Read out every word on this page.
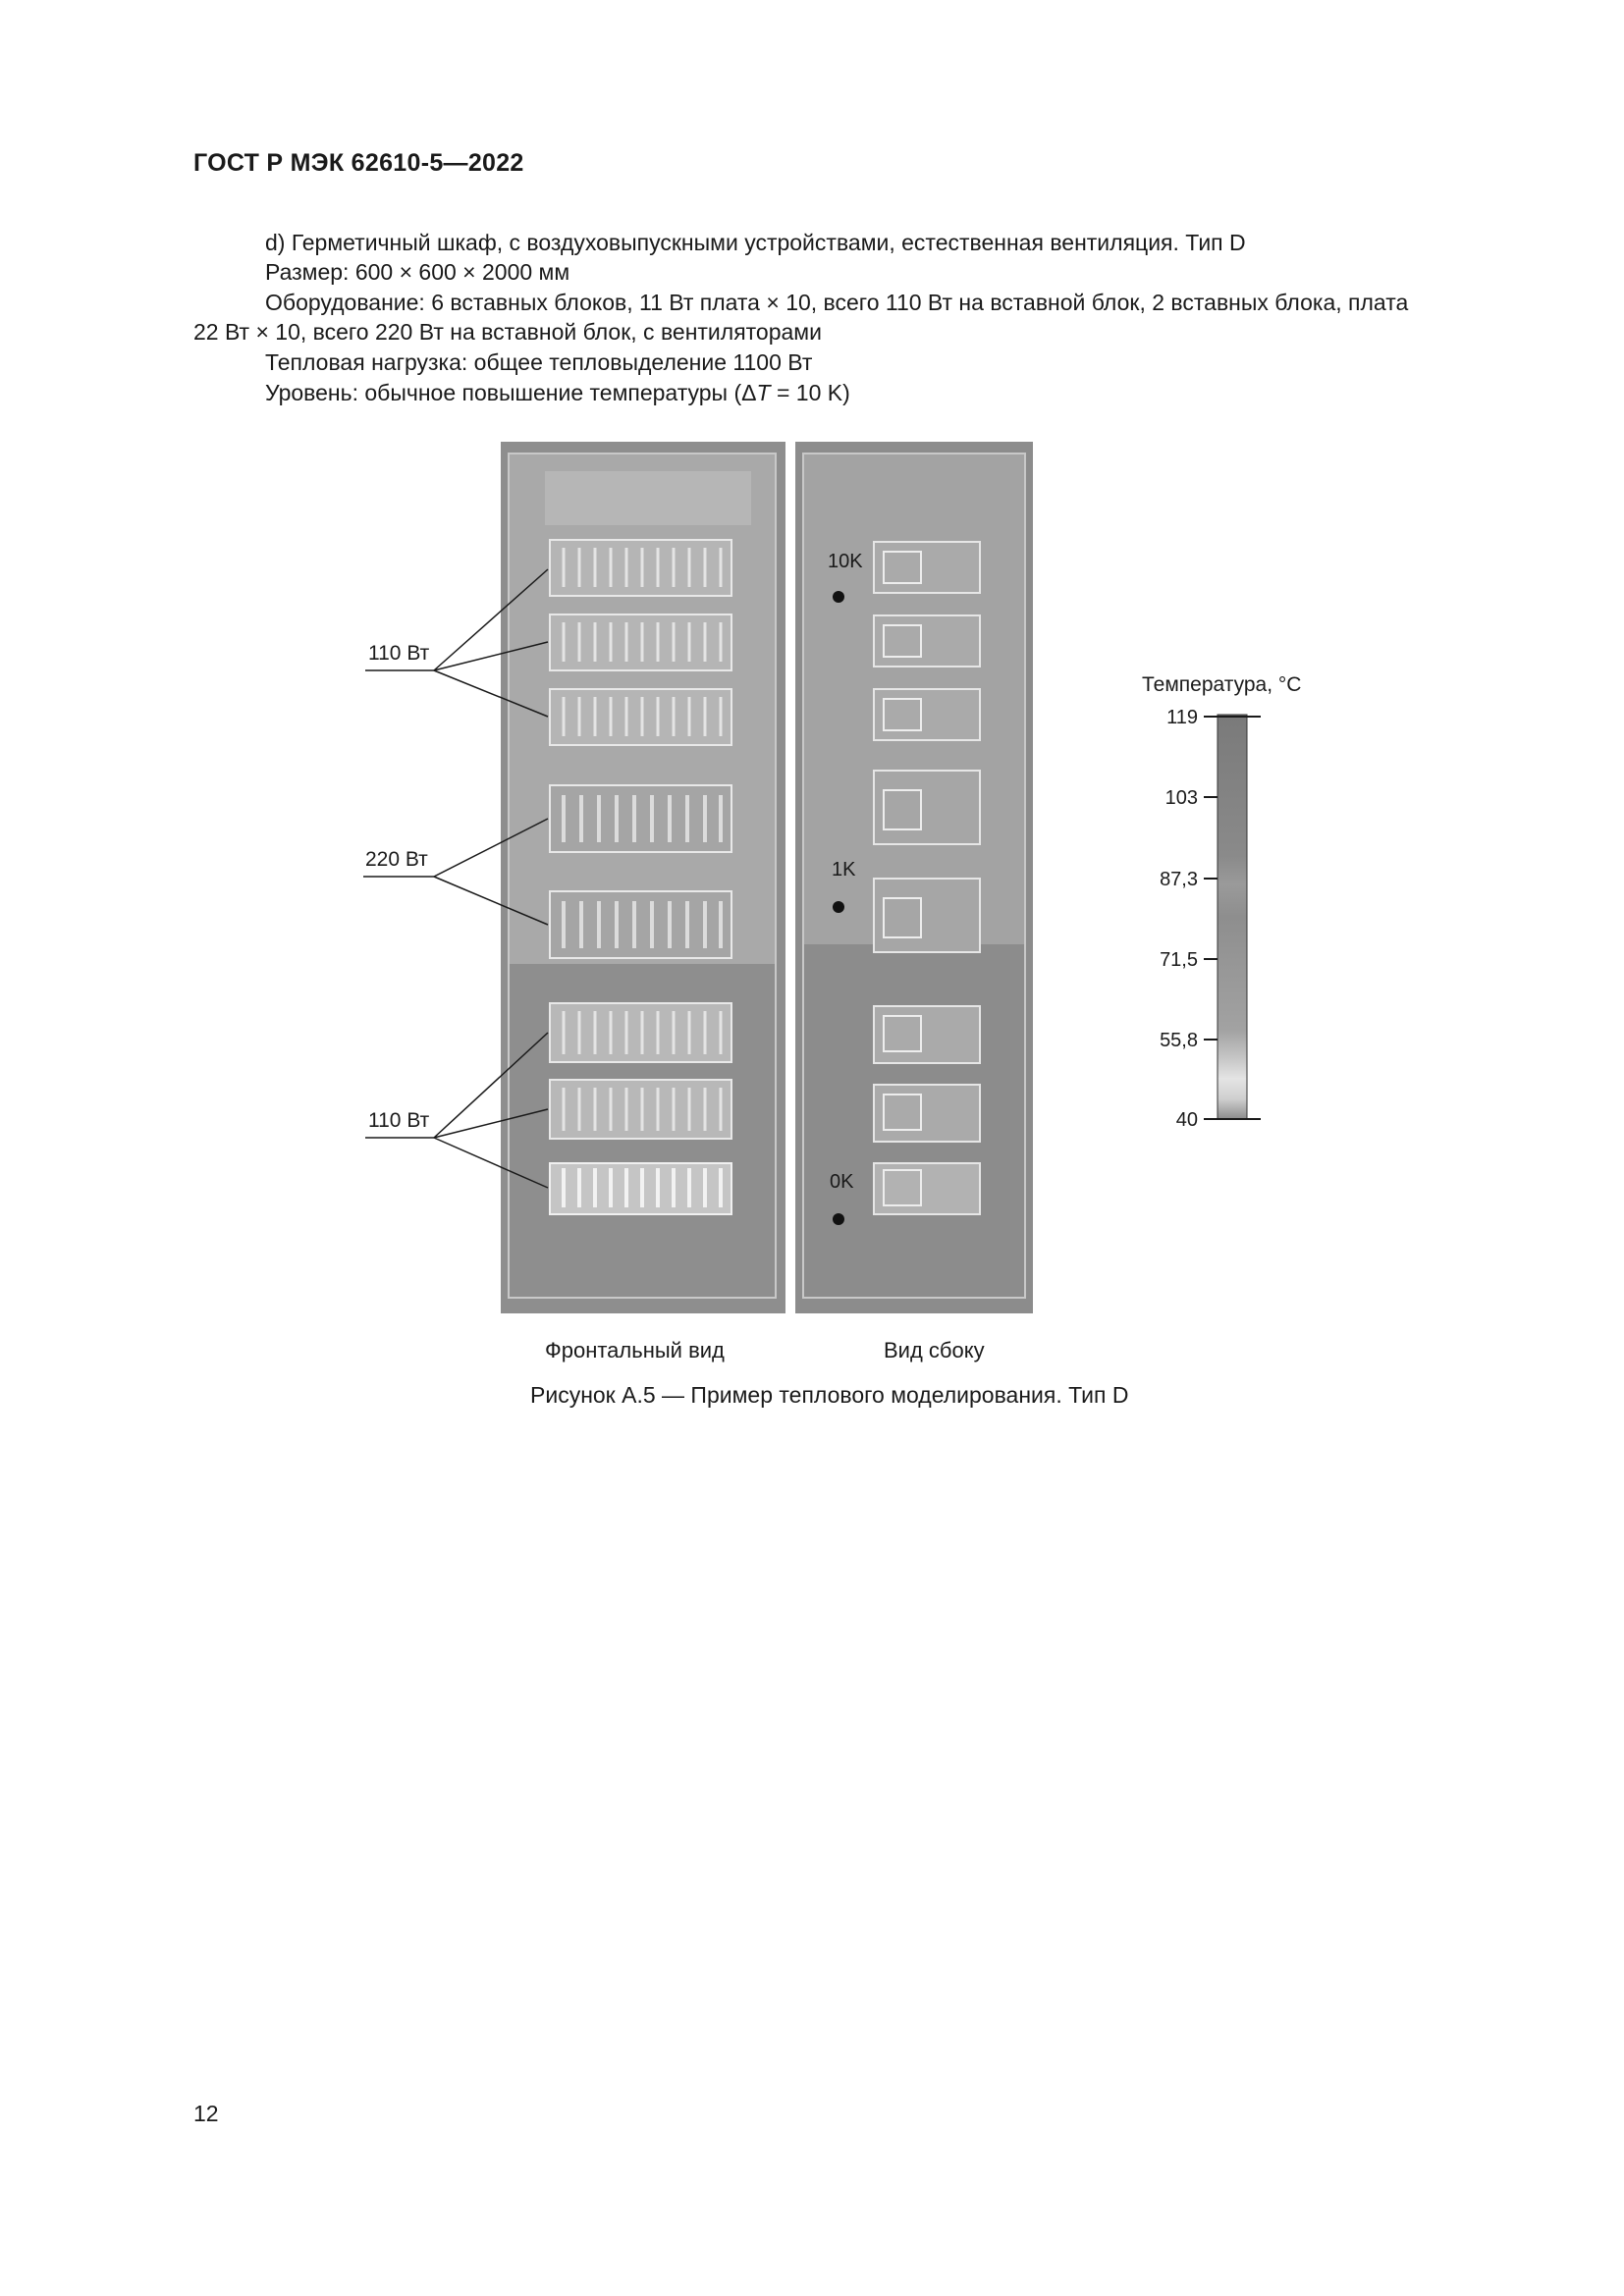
ГОСТ Р МЭК 62610-5—2022
d) Герметичный шкаф, с воздуховыпускными устройствами, естественная вентиляция. Тип D
Размер: 600 × 600 × 2000 мм
Оборудование: 6 вставных блоков, 11 Вт плата × 10, всего 110 Вт на вставной блок, 2 вставных блока, плата
22 Вт × 10, всего 220 Вт на вставной блок, с вентиляторами
Тепловая нагрузка: общее тепловыделение 1100 Вт
Уровень: обычное повышение температуры (ΔT = 10 K)
10K
1K
0K
110 Вт
220 Вт
110 Вт
Температура, °C
119
103
87,3
71,5
55,8
40
Фронтальный вид	Вид сбоку
Рисунок А.5 — Пример теплового моделирования. Тип D
12
